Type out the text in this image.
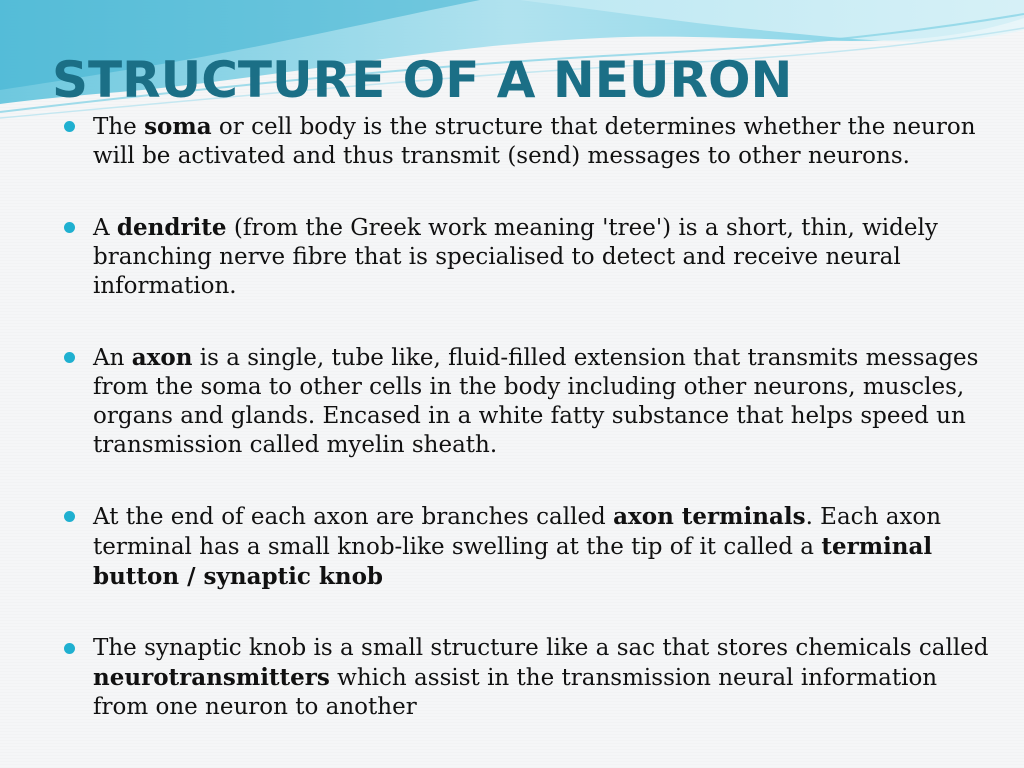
STRUCTURE OF A NEURON
The soma or cell body is the structure that determines whether the neuron will be activated and thus transmit (send) messages to other neurons.
A dendrite (from the Greek work meaning 'tree') is a short, thin, widely branching nerve fibre that is specialised to detect and receive neural information.
An axon is a single, tube like, fluid-filled extension that transmits messages from the soma to other cells in the body including other neurons, muscles, organs and glands. Encased in a white fatty substance that helps speed un transmission called myelin sheath.
At the end of each axon are branches called axon terminals. Each axon terminal has a small knob-like swelling at the tip of it called a terminal button / synaptic knob
The synaptic knob is a small structure like a sac that stores chemicals called neurotransmitters which assist in the transmission neural information from one neuron to another
